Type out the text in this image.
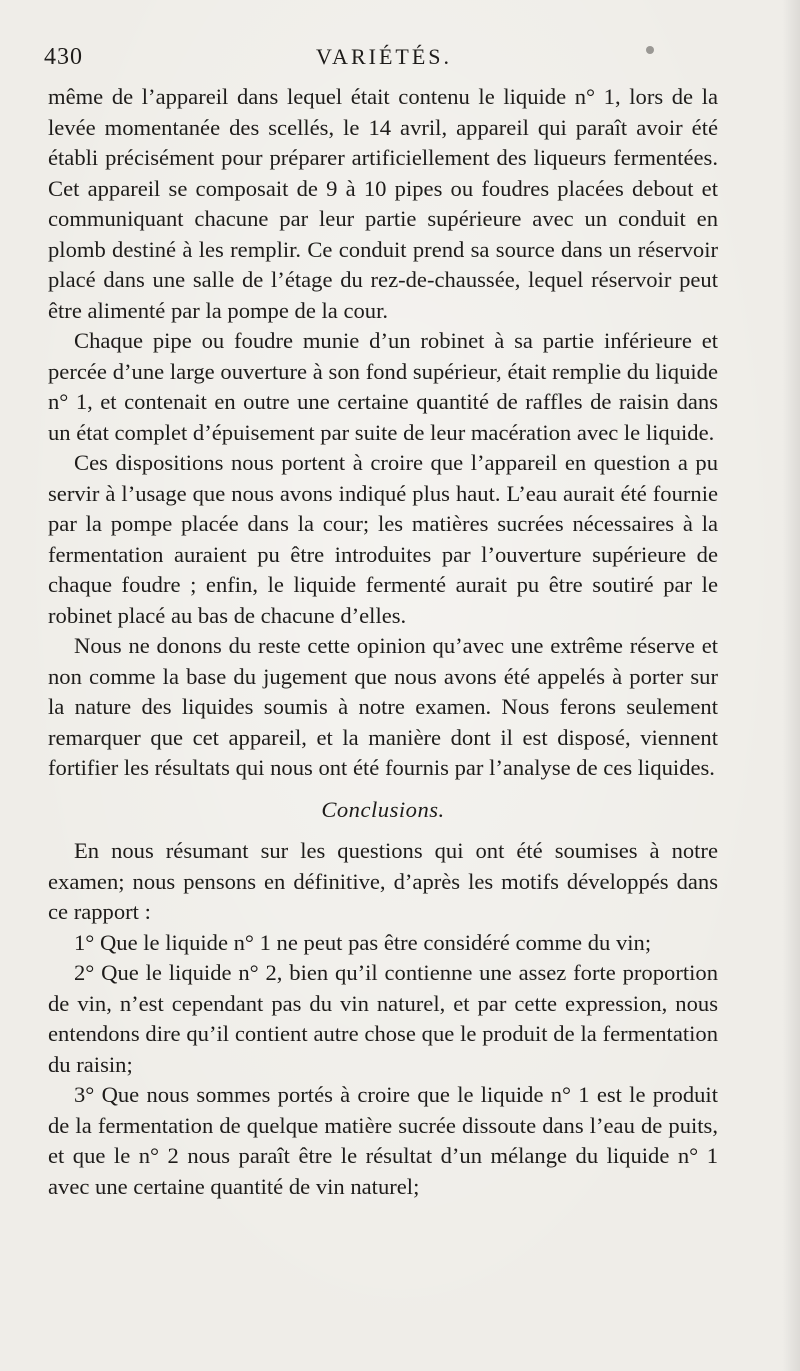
430	VARIÉTÉS.

même de l’appareil dans lequel était contenu le liquide n° 1, lors de la levée momentanée des scellés, le 14 avril, appareil qui paraît avoir été établi précisément pour préparer artificiellement des liqueurs fermentées. Cet appareil se composait de 9 à 10 pipes ou foudres placées debout et communiquant chacune par leur partie supérieure avec un conduit en plomb destiné à les remplir. Ce conduit prend sa source dans un réservoir placé dans une salle de l’étage du rez-de-chaussée, lequel réservoir peut être alimenté par la pompe de la cour.

Chaque pipe ou foudre munie d’un robinet à sa partie inférieure et percée d’une large ouverture à son fond supérieur, était remplie du liquide n° 1, et contenait en outre une certaine quantité de raffles de raisin dans un état complet d’épuisement par suite de leur macération avec le liquide.

Ces dispositions nous portent à croire que l’appareil en question a pu servir à l’usage que nous avons indiqué plus haut. L’eau aurait été fournie par la pompe placée dans la cour; les matières sucrées nécessaires à la fermentation auraient pu être introduites par l’ouverture supérieure de chaque foudre ; enfin, le liquide fermenté aurait pu être soutiré par le robinet placé au bas de chacune d’elles.

Nous ne donons du reste cette opinion qu’avec une extrême réserve et non comme la base du jugement que nous avons été appelés à porter sur la nature des liquides soumis à notre examen. Nous ferons seulement remarquer que cet appareil, et la manière dont il est disposé, viennent fortifier les résultats qui nous ont été fournis par l’analyse de ces liquides.

Conclusions.

En nous résumant sur les questions qui ont été soumises à notre examen; nous pensons en définitive, d’après les motifs développés dans ce rapport :

1° Que le liquide n° 1 ne peut pas être considéré comme du vin;

2° Que le liquide n° 2, bien qu’il contienne une assez forte proportion de vin, n’est cependant pas du vin naturel, et par cette expression, nous entendons dire qu’il contient autre chose que le produit de la fermentation du raisin;

3° Que nous sommes portés à croire que le liquide n° 1 est le produit de la fermentation de quelque matière sucrée dissoute dans l’eau de puits, et que le n° 2 nous paraît être le résultat d’un mélange du liquide n° 1 avec une certaine quantité de vin naturel;
